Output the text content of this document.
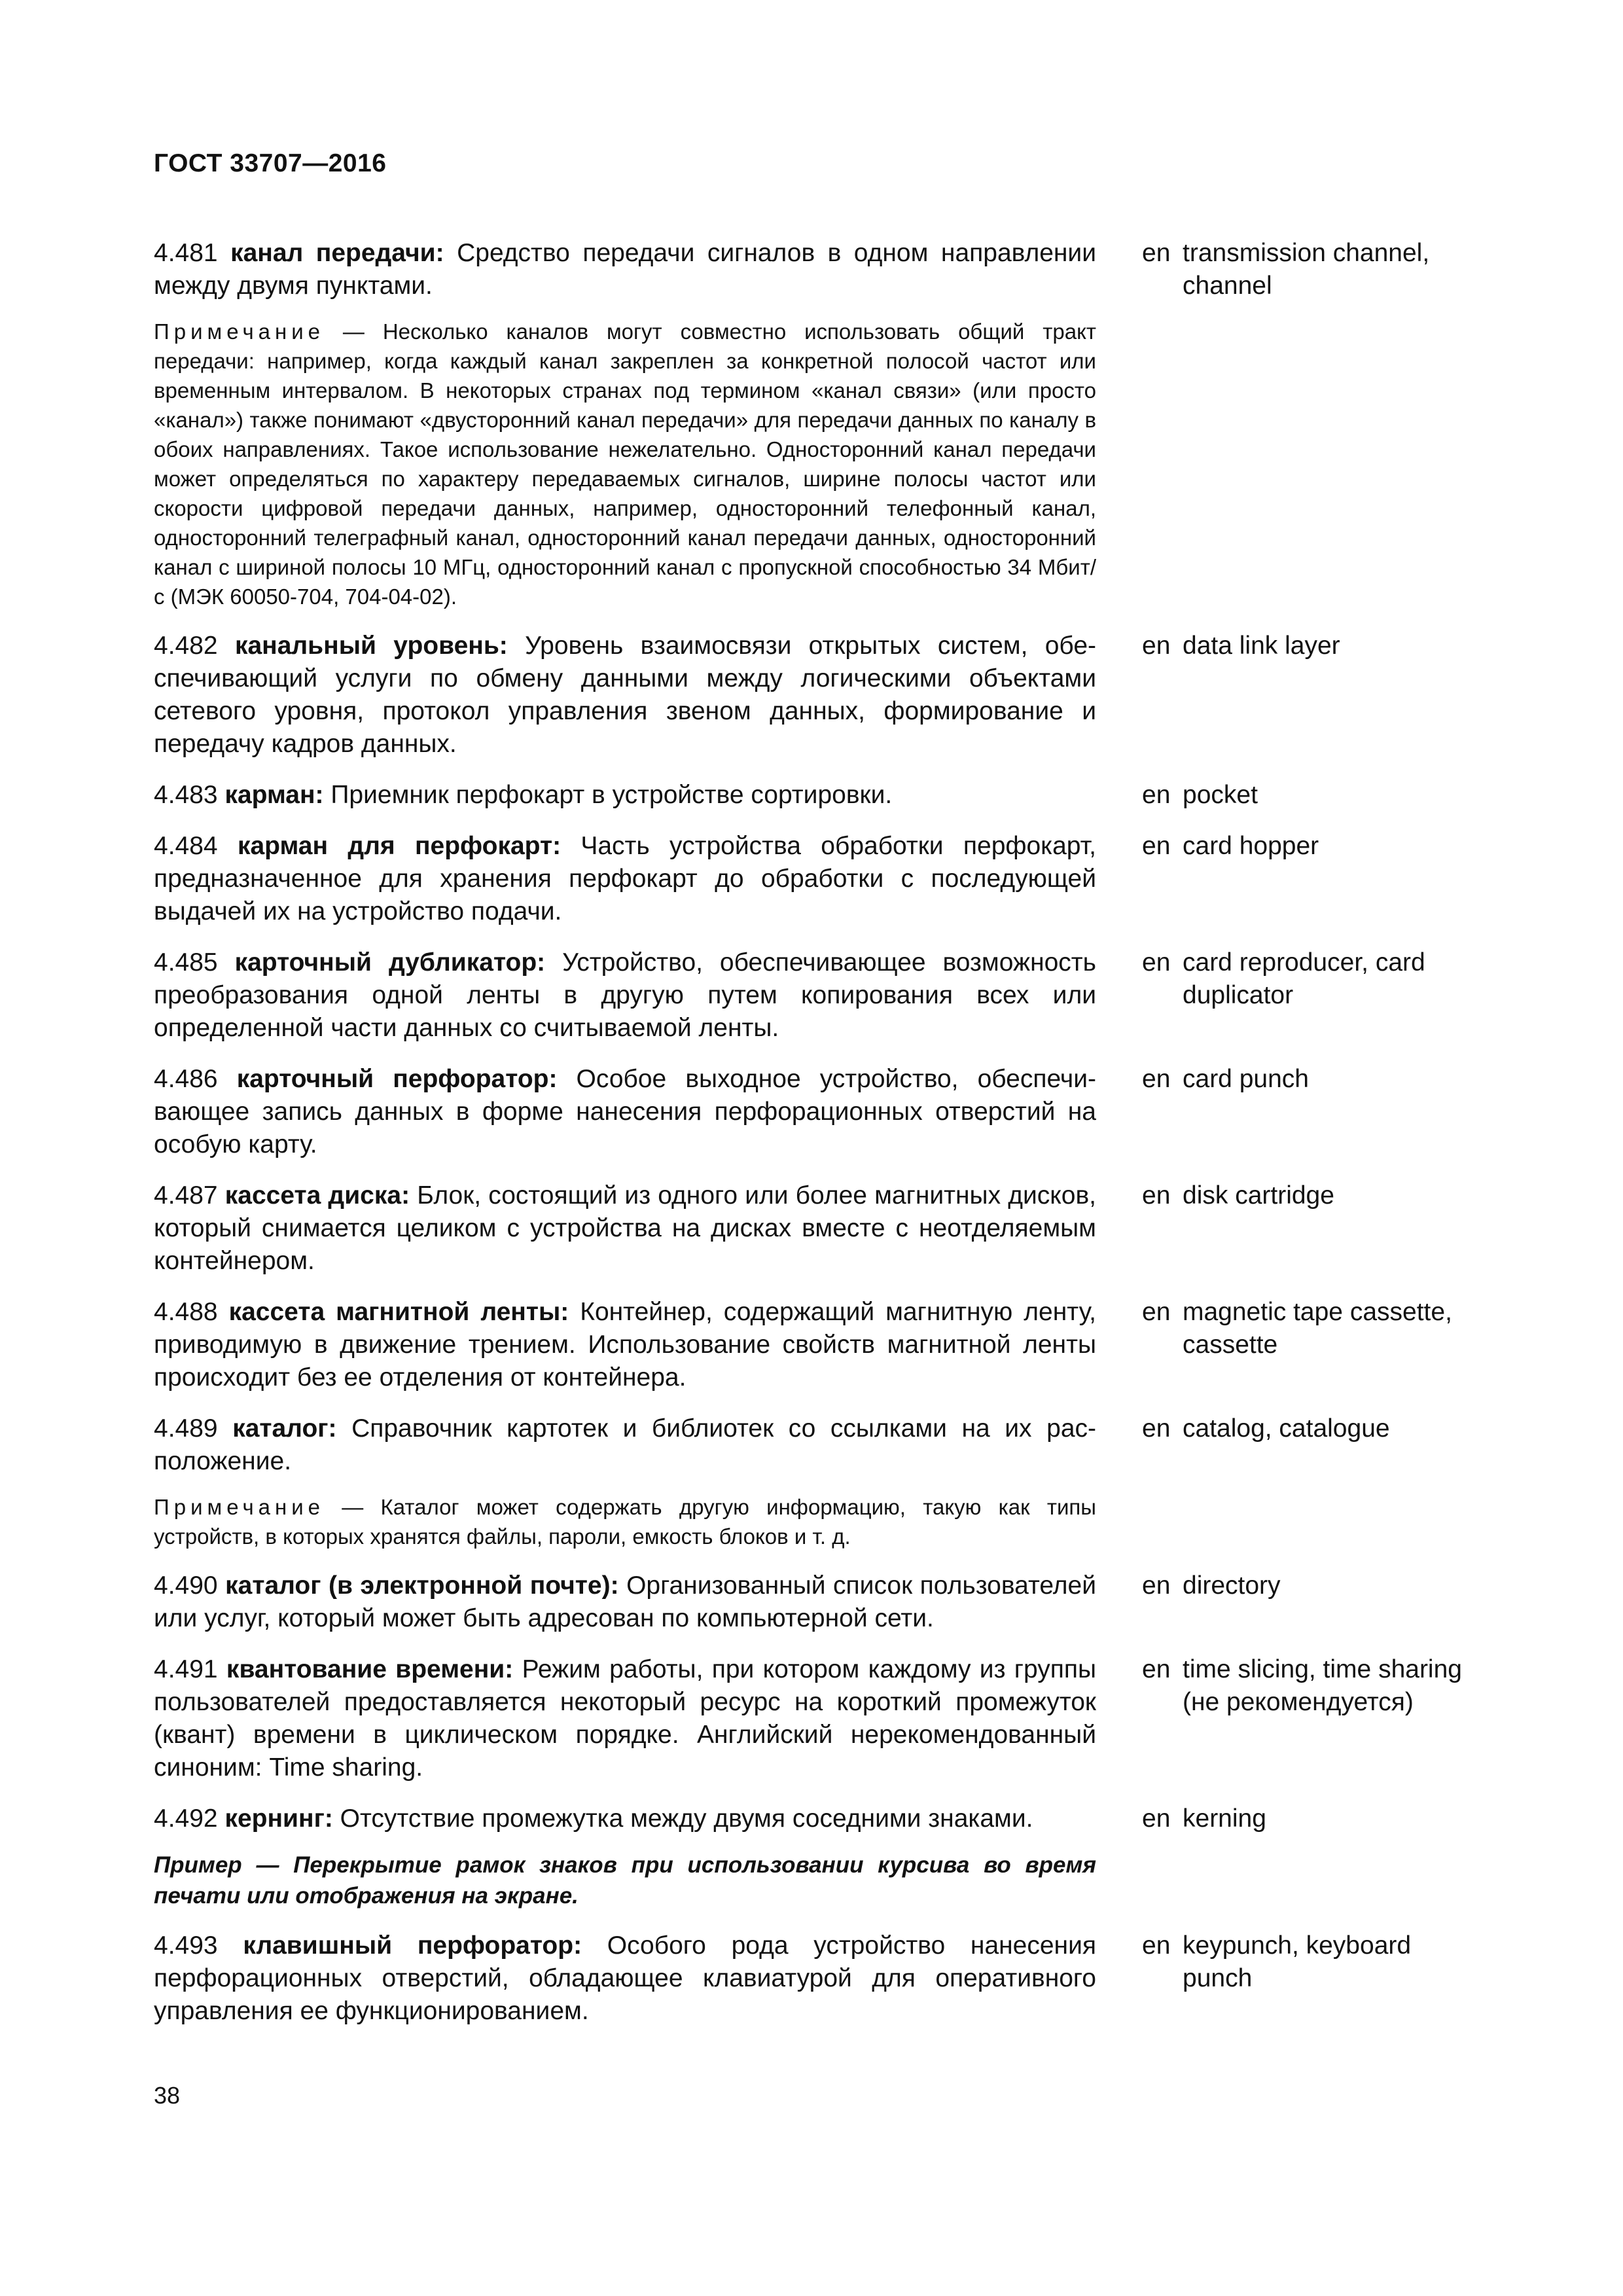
ГОСТ 33707—2016
4.481 канал передачи: Средство передачи сигналов в одном направлении между двумя пунктами.
en transmission channel, channel
Примечание — Несколько каналов могут совместно использовать общий тракт передачи: например, когда каждый канал закреплен за конкретной полосой частот или временным интервалом. В некоторых странах под термином «канал связи» (или просто «канал») также понимают «двусторонний канал передачи» для передачи данных по каналу в обоих направлениях. Такое использование нежелательно. Односторонний канал передачи может определяться по характеру передаваемых сигналов, ширине полосы частот или скорости цифровой передачи данных, например, односторонний телефонный канал, односторонний телеграфный канал, односторонний канал передачи данных, односторонний канал с шириной полосы 10 МГц, односторонний канал с пропускной способностью 34 Мбит/с (МЭК 60050-704, 704-04-02).
4.482 канальный уровень: Уровень взаимосвязи открытых систем, обеспечивающий услуги по обмену данными между логическими объектами сетевого уровня, протокол управления звеном данных, формирование и передачу кадров данных.
en data link layer
4.483 карман: Приемник перфокарт в устройстве сортировки.	en pocket
4.484 карман для перфокарт: Часть устройства обработки перфокарт, предназначенное для хранения перфокарт до обработки с последующей выдачей их на устройство подачи.
en card hopper
4.485 карточный дубликатор: Устройство, обеспечивающее возможность преобразования одной ленты в другую путем копирования всех или определенной части данных со считываемой ленты.
en card reproducer, card duplicator
4.486 карточный перфоратор: Особое выходное устройство, обеспечивающее запись данных в форме нанесения перфорационных отверстий на особую карту.
en card punch
4.487 кассета диска: Блок, состоящий из одного или более магнитных дисков, который снимается целиком с устройства на дисках вместе с неотделяемым контейнером.
en disk cartridge
4.488 кассета магнитной ленты: Контейнер, содержащий магнитную ленту, приводимую в движение трением. Использование свойств магнитной ленты происходит без ее отделения от контейнера.
en magnetic tape cassette, cassette
4.489 каталог: Справочник картотек и библиотек со ссылками на их расположение.
en catalog, catalogue
Примечание — Каталог может содержать другую информацию, такую как типы устройств, в которых хранятся файлы, пароли, емкость блоков и т. д.
4.490 каталог (в электронной почте): Организованный список пользователей или услуг, который может быть адресован по компьютерной сети.
en directory
4.491 квантование времени: Режим работы, при котором каждому из группы пользователей предоставляется некоторый ресурс на короткий промежуток (квант) времени в циклическом порядке. Английский нерекомендованный синоним: Time sharing.
en time slicing, time sharing
(не рекомендуется)
4.492 кернинг: Отсутствие промежутка между двумя соседними знаками.	en kerning
Пример — Перекрытие рамок знаков при использовании курсива во время печати или отображения на экране.
4.493 клавишный перфоратор: Особого рода устройство нанесения перфорационных отверстий, обладающее клавиатурой для оперативного управления ее функционированием.
en keypunch, keyboard punch
38
